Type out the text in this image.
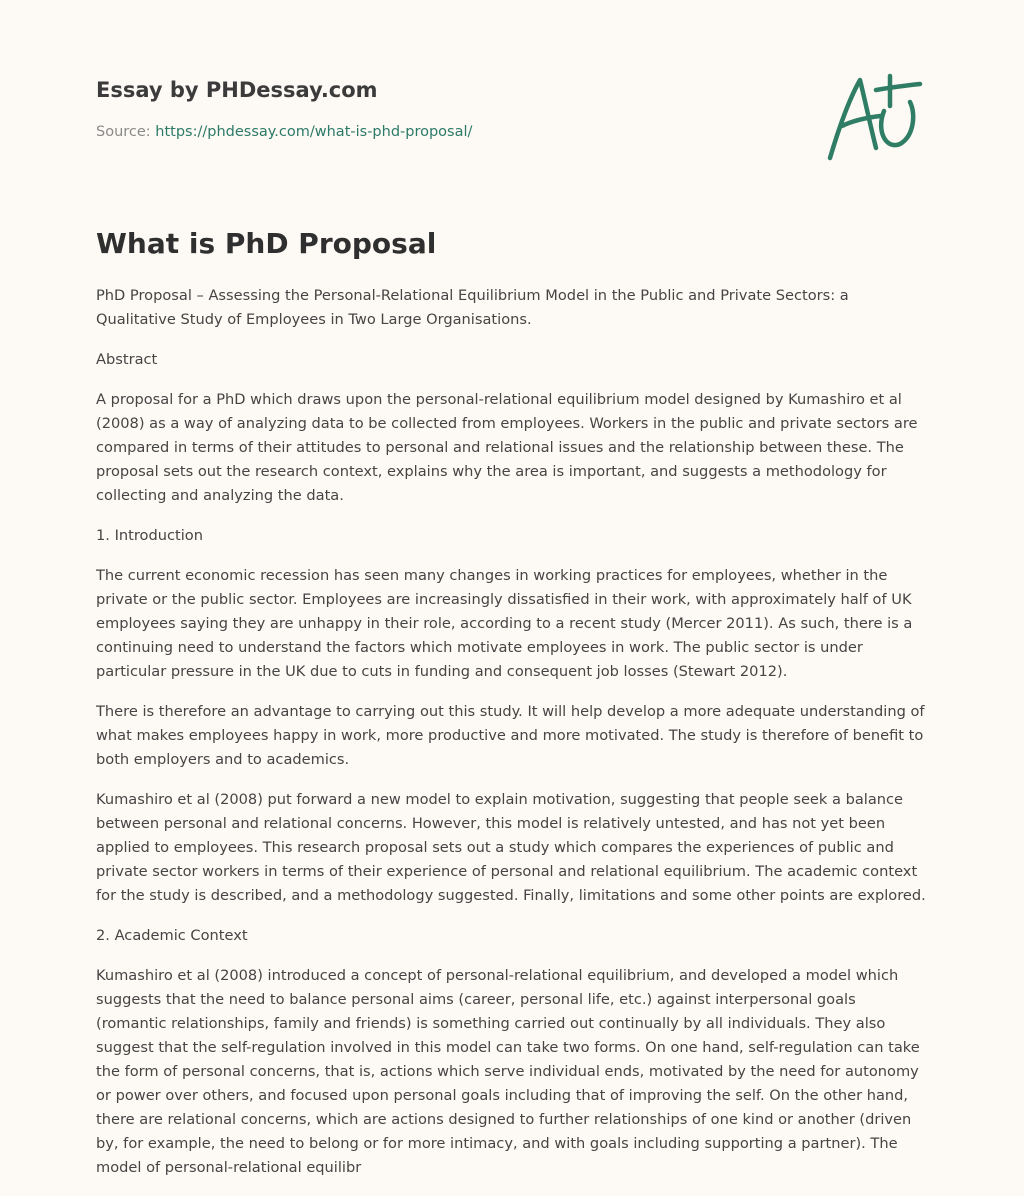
Essay by PHDessay.com
Source: https://phdessay.com/what-is-phd-proposal/
What is PhD Proposal

PhD Proposal – Assessing the Personal-Relational Equilibrium Model in the Public and Private Sectors: a Qualitative Study of Employees in Two Large Organisations.

Abstract

A proposal for a PhD which draws upon the personal-relational equilibrium model designed by Kumashiro et al (2008) as a way of analyzing data to be collected from employees. Workers in the public and private sectors are compared in terms of their attitudes to personal and relational issues and the relationship between these. The proposal sets out the research context, explains why the area is important, and suggests a methodology for collecting and analyzing the data.

1. Introduction

The current economic recession has seen many changes in working practices for employees, whether in the private or the public sector. Employees are increasingly dissatisfied in their work, with approximately half of UK employees saying they are unhappy in their role, according to a recent study (Mercer 2011). As such, there is a continuing need to understand the factors which motivate employees in work. The public sector is under particular pressure in the UK due to cuts in funding and consequent job losses (Stewart 2012).

There is therefore an advantage to carrying out this study. It will help develop a more adequate understanding of what makes employees happy in work, more productive and more motivated. The study is therefore of benefit to both employers and to academics.

Kumashiro et al (2008) put forward a new model to explain motivation, suggesting that people seek a balance between personal and relational concerns. However, this model is relatively untested, and has not yet been applied to employees. This research proposal sets out a study which compares the experiences of public and private sector workers in terms of their experience of personal and relational equilibrium. The academic context for the study is described, and a methodology suggested. Finally, limitations and some other points are explored.

2. Academic Context

Kumashiro et al (2008) introduced a concept of personal-relational equilibrium, and developed a model which suggests that the need to balance personal aims (career, personal life, etc.) against interpersonal goals (romantic relationships, family and friends) is something carried out continually by all individuals. They also suggest that the self-regulation involved in this model can take two forms. On one hand, self-regulation can take the form of personal concerns, that is, actions which serve individual ends, motivated by the need for autonomy or power over others, and focused upon personal goals including that of improving the self. On the other hand, there are relational concerns, which are actions designed to further relationships of one kind or another (driven by, for example, the need to belong or for more intimacy, and with goals including supporting a partner). The model of personal-relational equilibr
